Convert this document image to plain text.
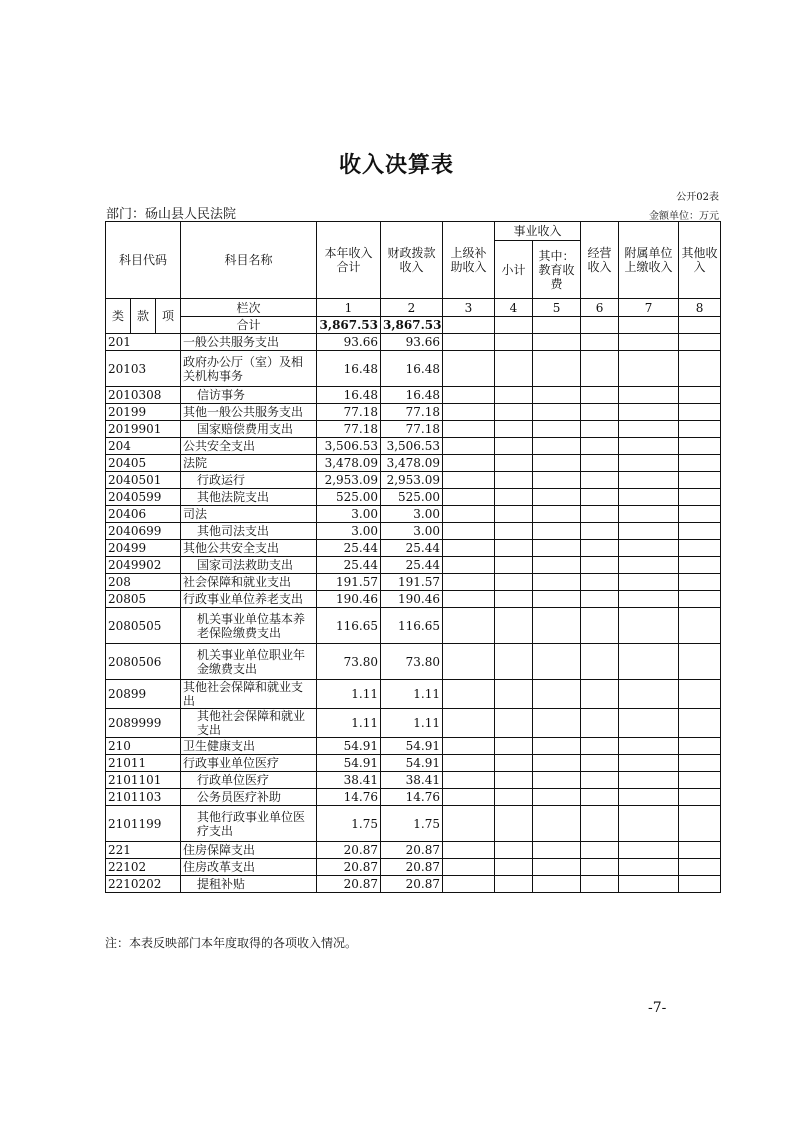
收入决算表
公开02表
部门：砀山县人民法院	金额单位：万元
科目代码			科目名称	本年收入合计	财政拨款收入	上级补助收入	事业收入		经营收入	附属单位上缴收入	其他收入
							小计	其中：教育收费			

类	款	项	栏次	1	2	3	4	5	6	7	8
			合计	3,867.53	3,867.53						
201			一般公共服务支出	93.66	93.66						
20103			政府办公厅（室）及相关机构事务	16.48	16.48						
2010308			信访事务	16.48	16.48						
20199			其他一般公共服务支出	77.18	77.18						
2019901			国家赔偿费用支出	77.18	77.18						
204			公共安全支出	3,506.53	3,506.53						
20405			法院	3,478.09	3,478.09						
2040501			行政运行	2,953.09	2,953.09						
2040599			其他法院支出	525.00	525.00						
20406			司法	3.00	3.00						
2040699			其他司法支出	3.00	3.00						
20499			其他公共安全支出	25.44	25.44						
2049902			国家司法救助支出	25.44	25.44						
208			社会保障和就业支出	191.57	191.57						
20805			行政事业单位养老支出	190.46	190.46						
2080505			机关事业单位基本养老保险缴费支出	116.65	116.65						
2080506			机关事业单位职业年金缴费支出	73.80	73.80						
20899			其他社会保障和就业支出	1.11	1.11						
2089999			其他社会保障和就业支出	1.11	1.11						
210			卫生健康支出	54.91	54.91						
21011			行政事业单位医疗	54.91	54.91						
2101101			行政单位医疗	38.41	38.41						
2101103			公务员医疗补助	14.76	14.76						
2101199			其他行政事业单位医疗支出	1.75	1.75						
221			住房保障支出	20.87	20.87						
22102			住房改革支出	20.87	20.87						
2210202			提租补贴	20.87	20.87						
注：本表反映部门本年度取得的各项收入情况。
-7-
